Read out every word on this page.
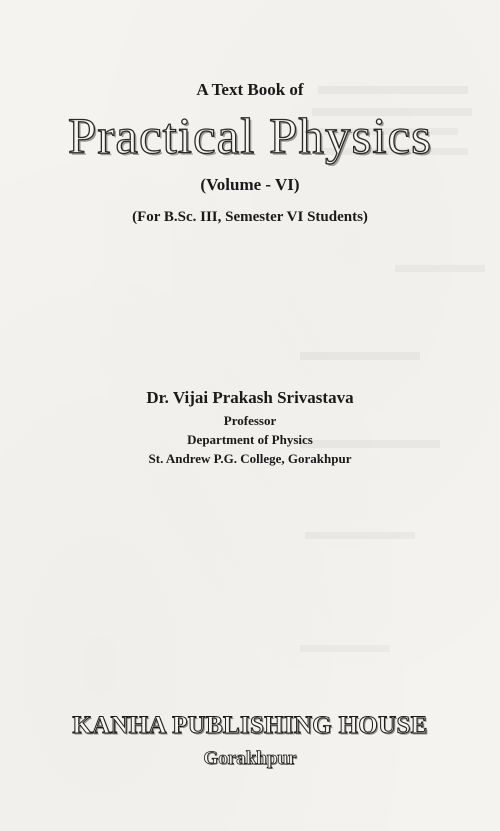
A Text Book of
Practical Physics
(Volume - VI)
(For B.Sc. III, Semester VI Students)
Dr. Vijai Prakash Srivastava
Professor
Department of Physics
St. Andrew P.G. College, Gorakhpur
KANHA PUBLISHING HOUSE
Gorakhpur
